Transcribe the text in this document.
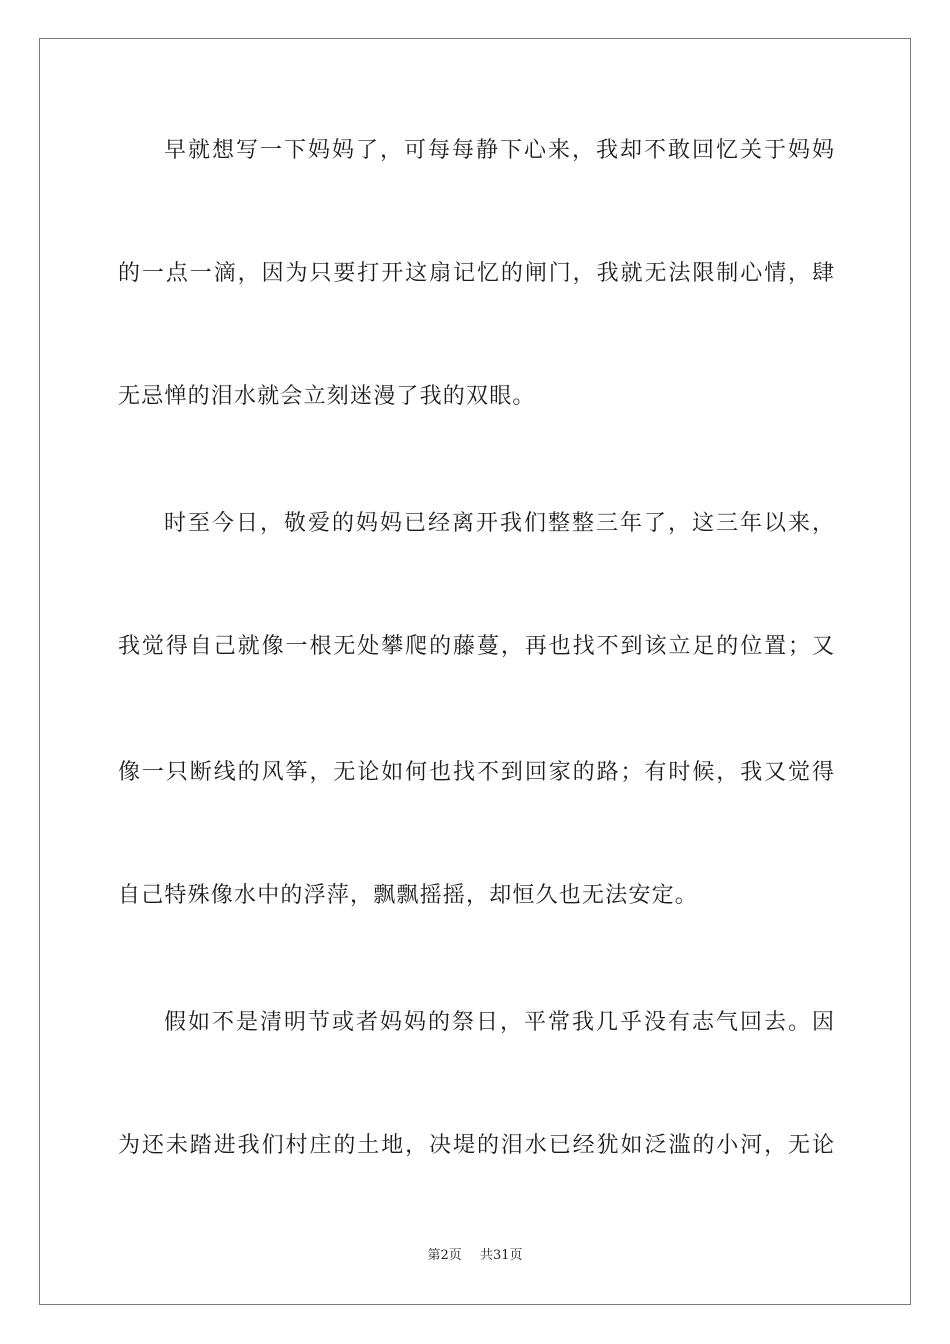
早就想写一下妈妈了，可每每静下心来，我却不敢回忆关于妈妈

的一点一滴，因为只要打开这扇记忆的闸门，我就无法限制心情，肆

无忌惮的泪水就会立刻迷漫了我的双眼。

时至今日，敬爱的妈妈已经离开我们整整三年了，这三年以来，

我觉得自己就像一根无处攀爬的藤蔓，再也找不到该立足的位置；又

像一只断线的风筝，无论如何也找不到回家的路；有时候，我又觉得

自己特殊像水中的浮萍，飘飘摇摇，却恒久也无法安定。

假如不是清明节或者妈妈的祭日，平常我几乎没有志气回去。因

为还未踏进我们村庄的土地，决堤的泪水已经犹如泛滥的小河，无论

第2页 共31页
